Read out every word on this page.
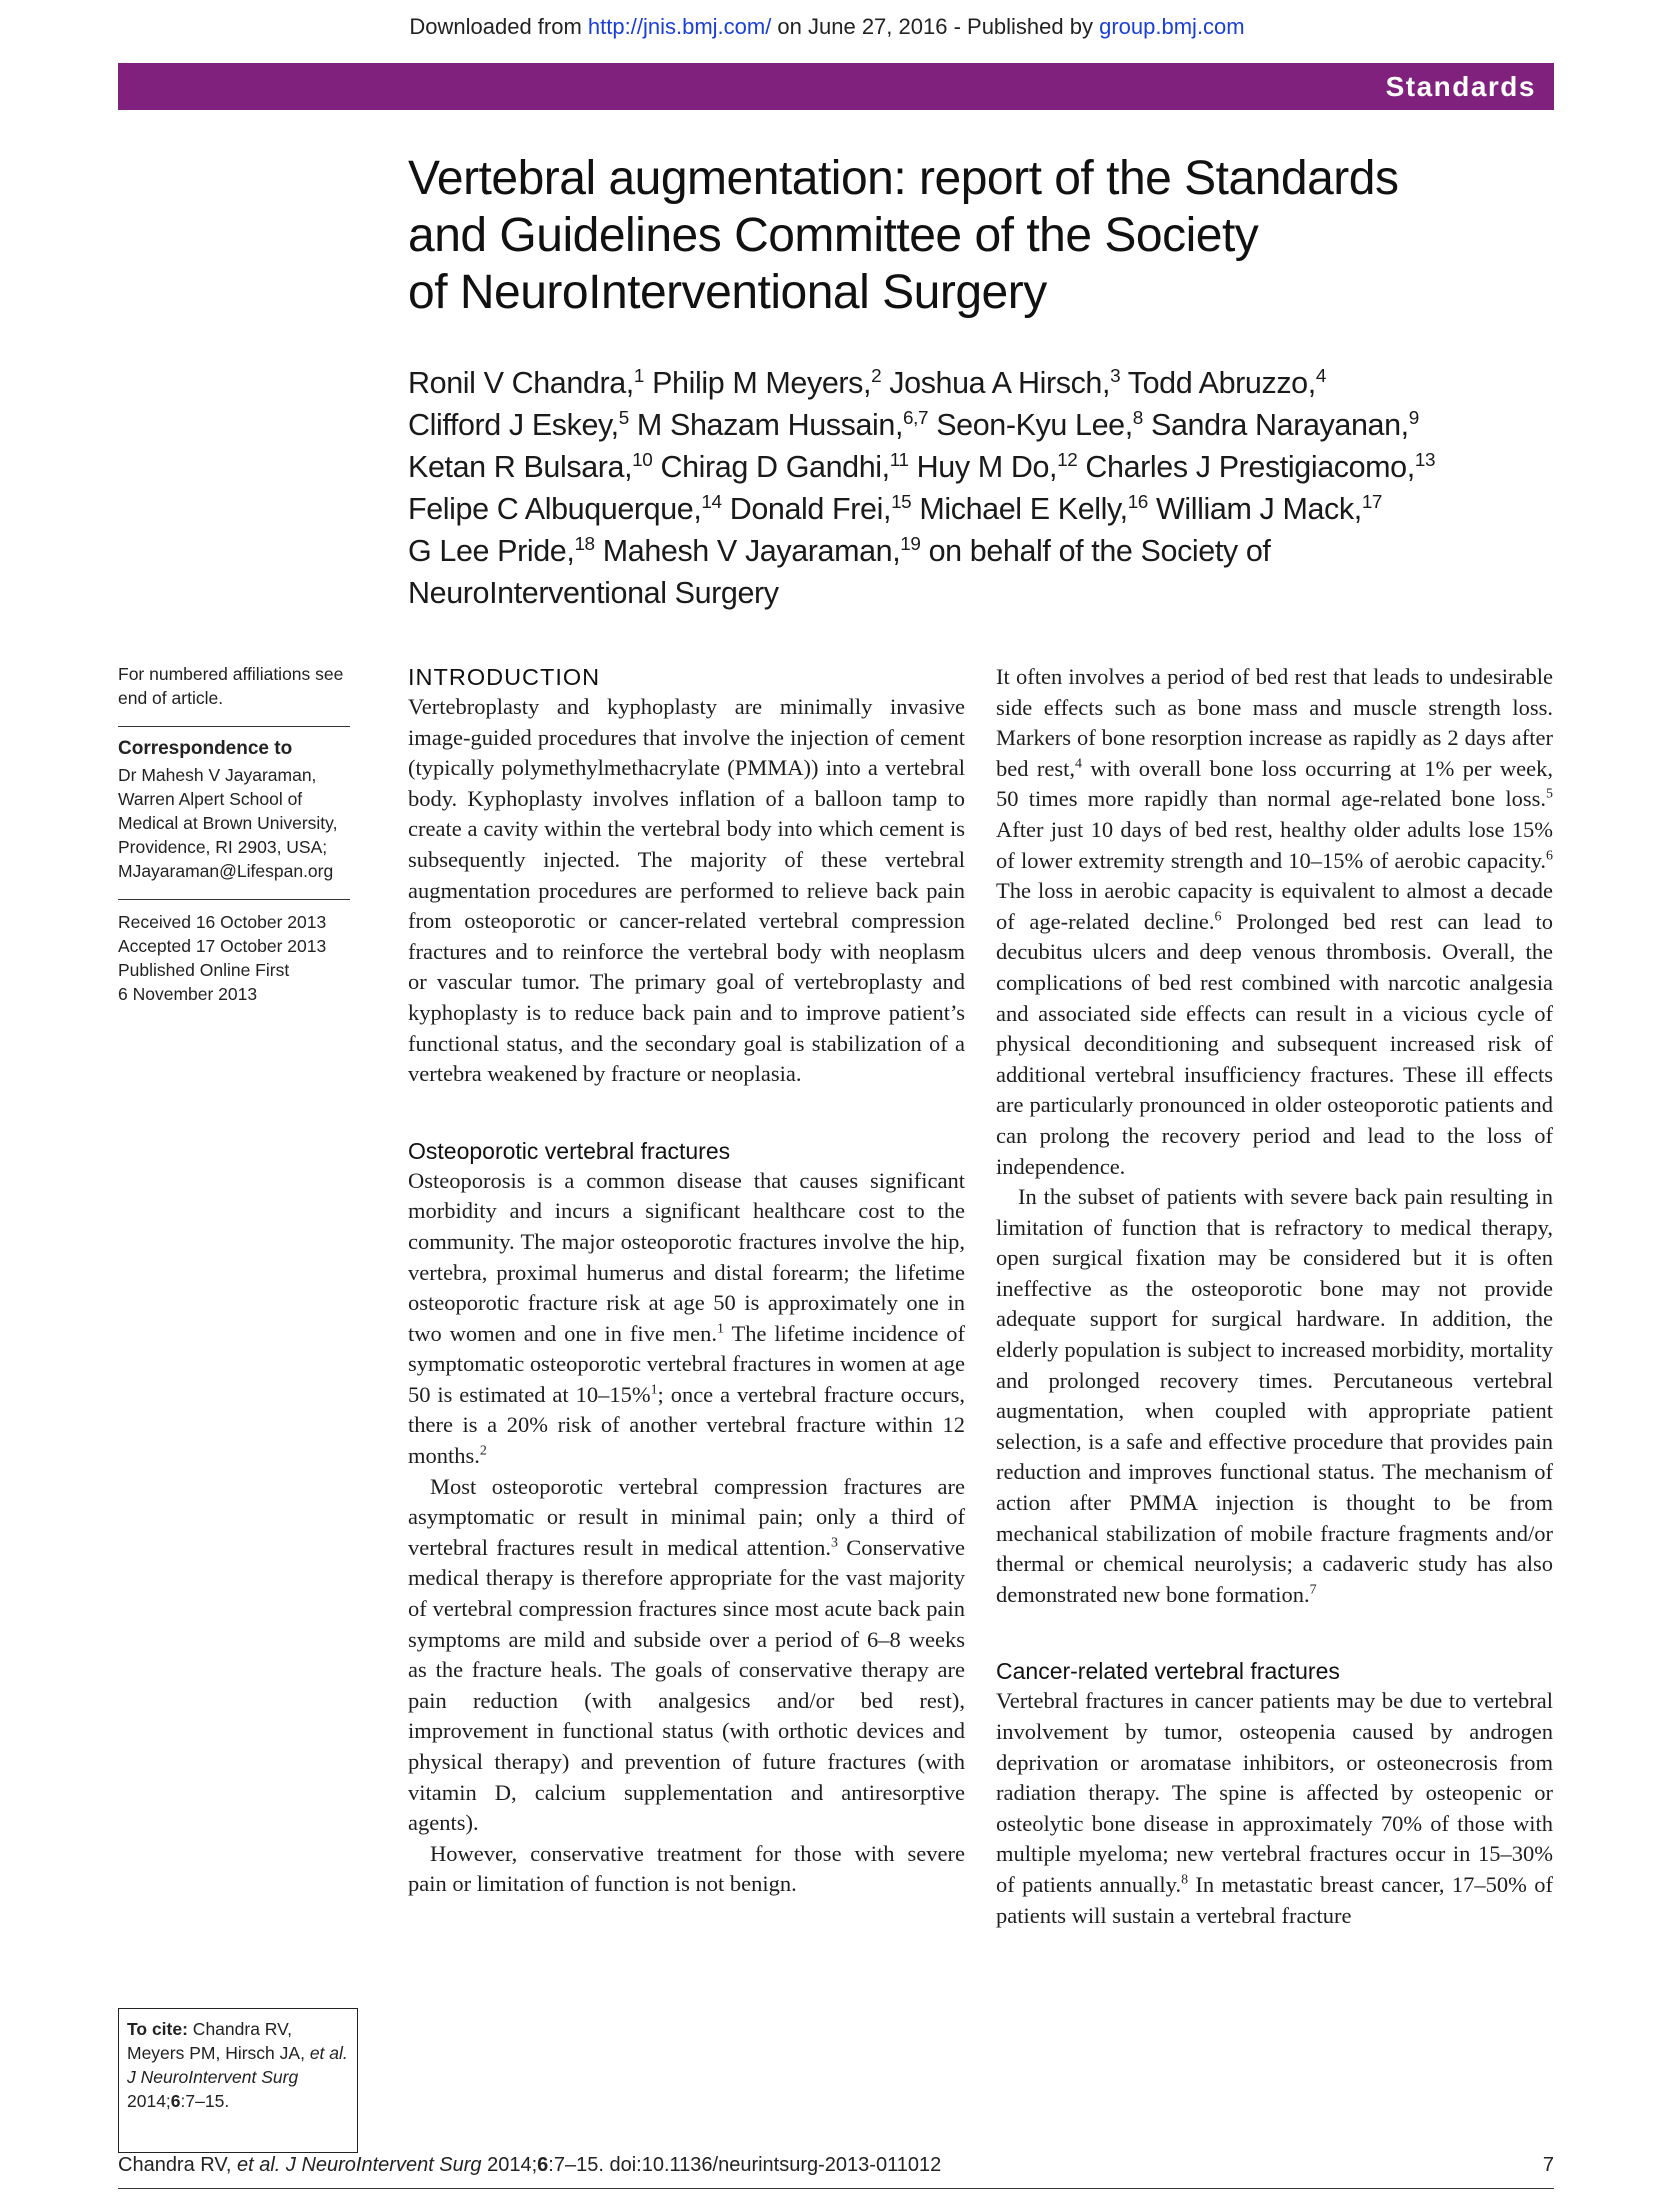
Downloaded from http://jnis.bmj.com/ on June 27, 2016 - Published by group.bmj.com
Standards
Vertebral augmentation: report of the Standards
and Guidelines Committee of the Society
of NeuroInterventional Surgery
Ronil V Chandra,$^1$ Philip M Meyers,$^2$ Joshua A Hirsch,$^3$ Todd Abruzzo,$^4$
Clifford J Eskey,$^5$ M Shazam Hussain,$^{6,7}$ Seon-Kyu Lee,$^8$ Sandra Narayanan,$^9$
Ketan R Bulsara,$^{10}$ Chirag D Gandhi,$^{11}$ Huy M Do,$^{12}$ Charles J Prestigiacomo,$^{13}$
Felipe C Albuquerque,$^{14}$ Donald Frei,$^{15}$ Michael E Kelly,$^{16}$ William J Mack,$^{17}$
G Lee Pride,$^{18}$ Mahesh V Jayaraman,$^{19}$ on behalf of the Society of
NeuroInterventional Surgery
For numbered affiliations see
end of article.
Correspondence to
Dr Mahesh V Jayaraman,
Warren Alpert School of
Medical at Brown University,
Providence, RI 2903, USA;
MJayaraman@Lifespan.org
Received 16 October 2013
Accepted 17 October 2013
Published Online First
6 November 2013
To cite: Chandra RV,
Meyers PM, Hirsch JA, et al.
J NeuroIntervent Surg
2014;6:7–15.
INTRODUCTION

Vertebroplasty and kyphoplasty are minimally invasive image-guided procedures that involve the injection of cement (typically polymethylmethacrylate (PMMA)) into a vertebral body. Kyphoplasty involves inflation of a balloon tamp to create a cavity within the vertebral body into which cement is subsequently injected. The majority of these vertebral augmentation procedures are performed to relieve back pain from osteoporotic or cancer-related vertebral compression fractures and to reinforce the vertebral body with neoplasm or vascular tumor. The primary goal of vertebroplasty and kyphoplasty is to reduce back pain and to improve patient’s functional status, and the secondary goal is stabilization of a vertebra weakened by fracture or neoplasia.

Osteoporotic vertebral fractures

Osteoporosis is a common disease that causes significant morbidity and incurs a significant healthcare cost to the community. The major osteoporotic fractures involve the hip, vertebra, proximal humerus and distal forearm; the lifetime osteoporotic fracture risk at age 50 is approximately one in two women and one in five men.$^1$ The lifetime incidence of symptomatic osteoporotic vertebral fractures in women at age 50 is estimated at 10–15%$^1$; once a vertebral fracture occurs, there is a 20% risk of another vertebral fracture within 12 months.$^2$

Most osteoporotic vertebral compression fractures are asymptomatic or result in minimal pain; only a third of vertebral fractures result in medical attention.$^3$ Conservative medical therapy is therefore appropriate for the vast majority of vertebral compression fractures since most acute back pain symptoms are mild and subside over a period of 6–8 weeks as the fracture heals. The goals of conservative therapy are pain reduction (with analgesics and/or bed rest), improvement in functional status (with orthotic devices and physical therapy) and prevention of future fractures (with vitamin D, calcium supplementation and antiresorptive agents).

However, conservative treatment for those with severe pain or limitation of function is not benign.

It often involves a period of bed rest that leads to undesirable side effects such as bone mass and muscle strength loss. Markers of bone resorption increase as rapidly as 2 days after bed rest,$^4$ with overall bone loss occurring at 1% per week, 50 times more rapidly than normal age-related bone loss.$^5$ After just 10 days of bed rest, healthy older adults lose 15% of lower extremity strength and 10–15% of aerobic capacity.$^6$ The loss in aerobic capacity is equivalent to almost a decade of age-related decline.$^6$ Prolonged bed rest can lead to decubitus ulcers and deep venous thrombosis. Overall, the complications of bed rest combined with narcotic analgesia and associated side effects can result in a vicious cycle of physical deconditioning and subsequent increased risk of additional vertebral insufficiency fractures. These ill effects are particularly pronounced in older osteoporotic patients and can prolong the recovery period and lead to the loss of independence.

In the subset of patients with severe back pain resulting in limitation of function that is refractory to medical therapy, open surgical fixation may be considered but it is often ineffective as the osteoporotic bone may not provide adequate support for surgical hardware. In addition, the elderly population is subject to increased morbidity, mortality and prolonged recovery times. Percutaneous vertebral augmentation, when coupled with appropriate patient selection, is a safe and effective procedure that provides pain reduction and improves functional status. The mechanism of action after PMMA injection is thought to be from mechanical stabilization of mobile fracture fragments and/or thermal or chemical neurolysis; a cadaveric study has also demonstrated new bone formation.$^7$

Cancer-related vertebral fractures

Vertebral fractures in cancer patients may be due to vertebral involvement by tumor, osteopenia caused by androgen deprivation or aromatase inhibitors, or osteonecrosis from radiation therapy. The spine is affected by osteopenic or osteolytic bone disease in approximately 70% of those with multiple myeloma; new vertebral fractures occur in 15–30% of patients annually.$^8$ In metastatic breast cancer, 17–50% of patients will sustain a vertebral fracture

Chandra RV, et al. J NeuroIntervent Surg 2014;6:7–15. doi:10.1136/neurintsurg-2013-011012	7
